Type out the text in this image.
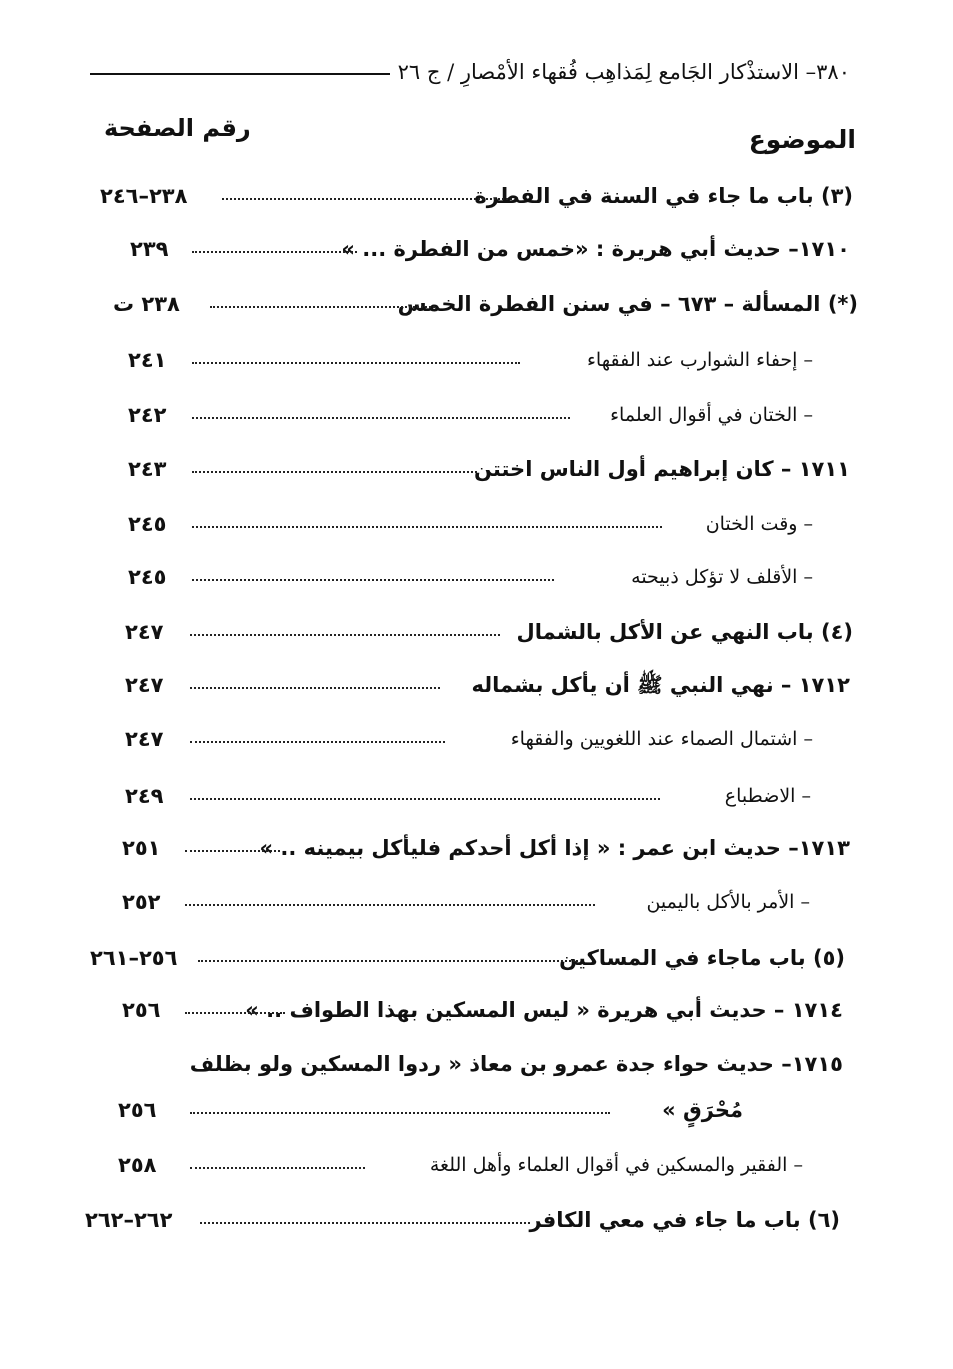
٣٨٠– الاستذْكار الجَامع لِمَذاهِب فُقهاء الأمْصارِ / ج ٢٦
الموضوع
رقم الصفحة
(٣) باب ما جاء في السنة في الفطرة
٢٣٨–٢٤٦
١٧١٠– حديث أبي هريرة : «خمس من الفطرة ... »
٢٣٩
(*) المسألة – ٦٧٣ – في سنن الفطرة الخمس
٢٣٨ ت
– إحفاء الشوارب عند الفقهاء
٢٤١
– الختان في أقوال العلماء
٢٤٢
١٧١١ – كان إبراهيم أول الناس اختتن
٢٤٣
– وقت الختان
٢٤٥
– الأقلف لا تؤكل ذبيحته
٢٤٥
(٤) باب النهي عن الأكل بالشمال
٢٤٧
١٧١٢ – نهي النبي ﷺ أن يأكل بشماله
٢٤٧
– اشتمال الصماء عند اللغويين والفقهاء
٢٤٧
– الاضطباع
٢٤٩
١٧١٣– حديث ابن عمر : « إذا أكل أحدكم فليأكل بيمينه .. »
٢٥١
– الأمر بالأكل باليمين
٢٥٢
(٥) باب ماجاء في المساكين
٢٥٦–٢٦١
١٧١٤ – حديث أبي هريرة « ليس المسكين بهذا الطواف .. »
٢٥٦
١٧١٥– حديث حواء جدة عمرو بن معاذ « ردوا المسكين ولو بظلف
مُحْرَقٍ »
٢٥٦
– الفقير والمسكين في أقوال العلماء وأهل اللغة
٢٥٨
(٦) باب ما جاء في معي الكافر
٢٦٢–٢٦٢
